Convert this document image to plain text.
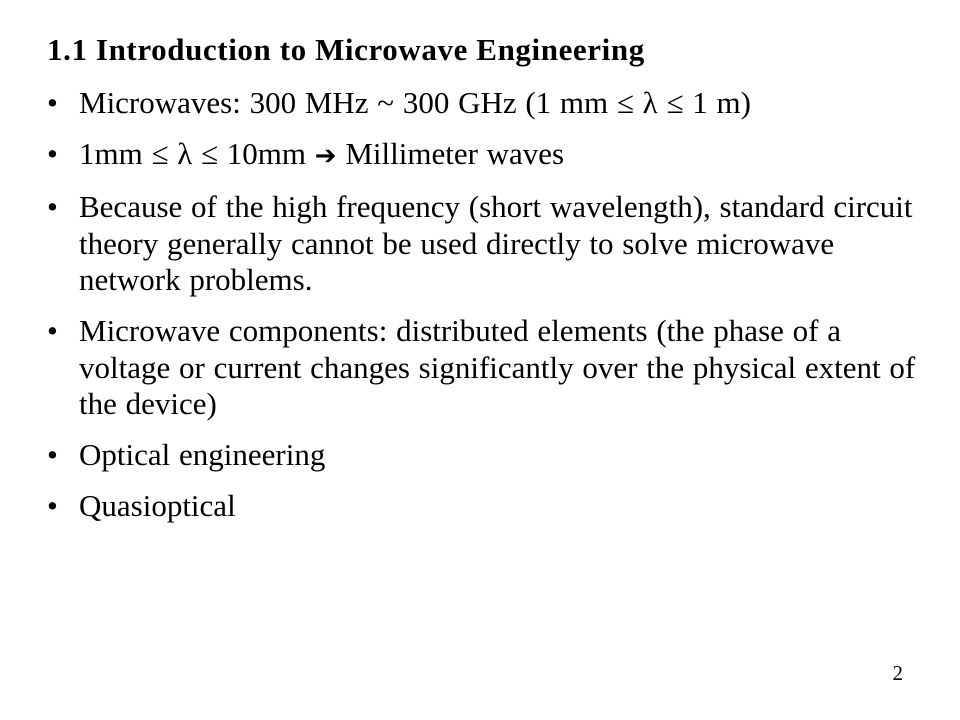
1.1 Introduction to Microwave Engineering
• Microwaves: 300 MHz ~ 300 GHz (1 mm ≤ λ ≤ 1 m)
• 1mm ≤ λ ≤ 10mm ➔ Millimeter waves
• Because of the high frequency (short wavelength), standard circuit theory generally cannot be used directly to solve microwave network problems.
• Microwave components: distributed elements (the phase of a voltage or current changes significantly over the physical extent of the device)
• Optical engineering
• Quasioptical
2
